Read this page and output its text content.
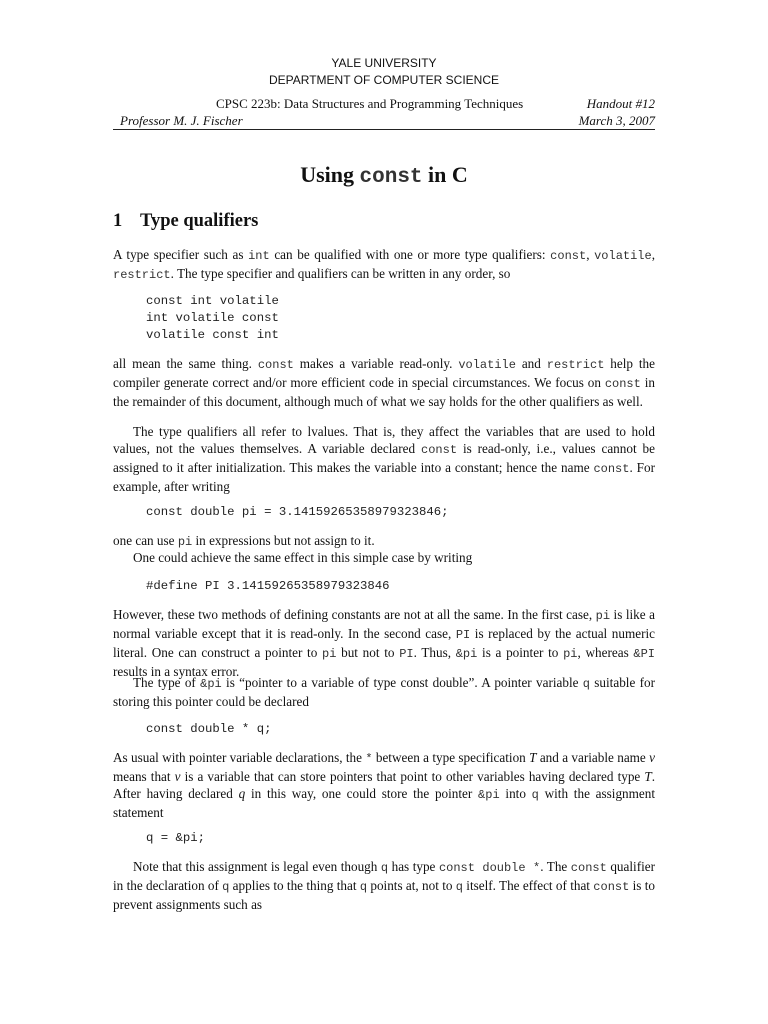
YALE UNIVERSITY
DEPARTMENT OF COMPUTER SCIENCE
CPSC 223b: Data Structures and Programming Techniques	Handout #12
Professor M. J. Fischer	March 3, 2007
Using const in C
1 Type qualifiers
A type specifier such as int can be qualified with one or more type qualifiers: const, volatile, restrict. The type specifier and qualifiers can be written in any order, so
const int volatile
int volatile const
volatile const int
all mean the same thing. const makes a variable read-only. volatile and restrict help the compiler generate correct and/or more efficient code in special circumstances. We focus on const in the remainder of this document, although much of what we say holds for the other qualifiers as well.
The type qualifiers all refer to lvalues. That is, they affect the variables that are used to hold values, not the values themselves. A variable declared const is read-only, i.e., values cannot be assigned to it after initialization. This makes the variable into a constant; hence the name const. For example, after writing
const double pi = 3.14159265358979323846;
one can use pi in expressions but not assign to it.
One could achieve the same effect in this simple case by writing
#define PI 3.14159265358979323846
However, these two methods of defining constants are not at all the same. In the first case, pi is like a normal variable except that it is read-only. In the second case, PI is replaced by the actual numeric literal. One can construct a pointer to pi but not to PI. Thus, &pi is a pointer to pi, whereas &PI results in a syntax error.
The type of &pi is “pointer to a variable of type const double”. A pointer variable q suitable for storing this pointer could be declared
const double * q;
As usual with pointer variable declarations, the * between a type specification T and a variable name v means that v is a variable that can store pointers that point to other variables having declared type T. After having declared q in this way, one could store the pointer &pi into q with the assignment statement
q = &pi;
Note that this assignment is legal even though q has type const double *. The const qualifier in the declaration of q applies to the thing that q points at, not to q itself. The effect of that const is to prevent assignments such as
